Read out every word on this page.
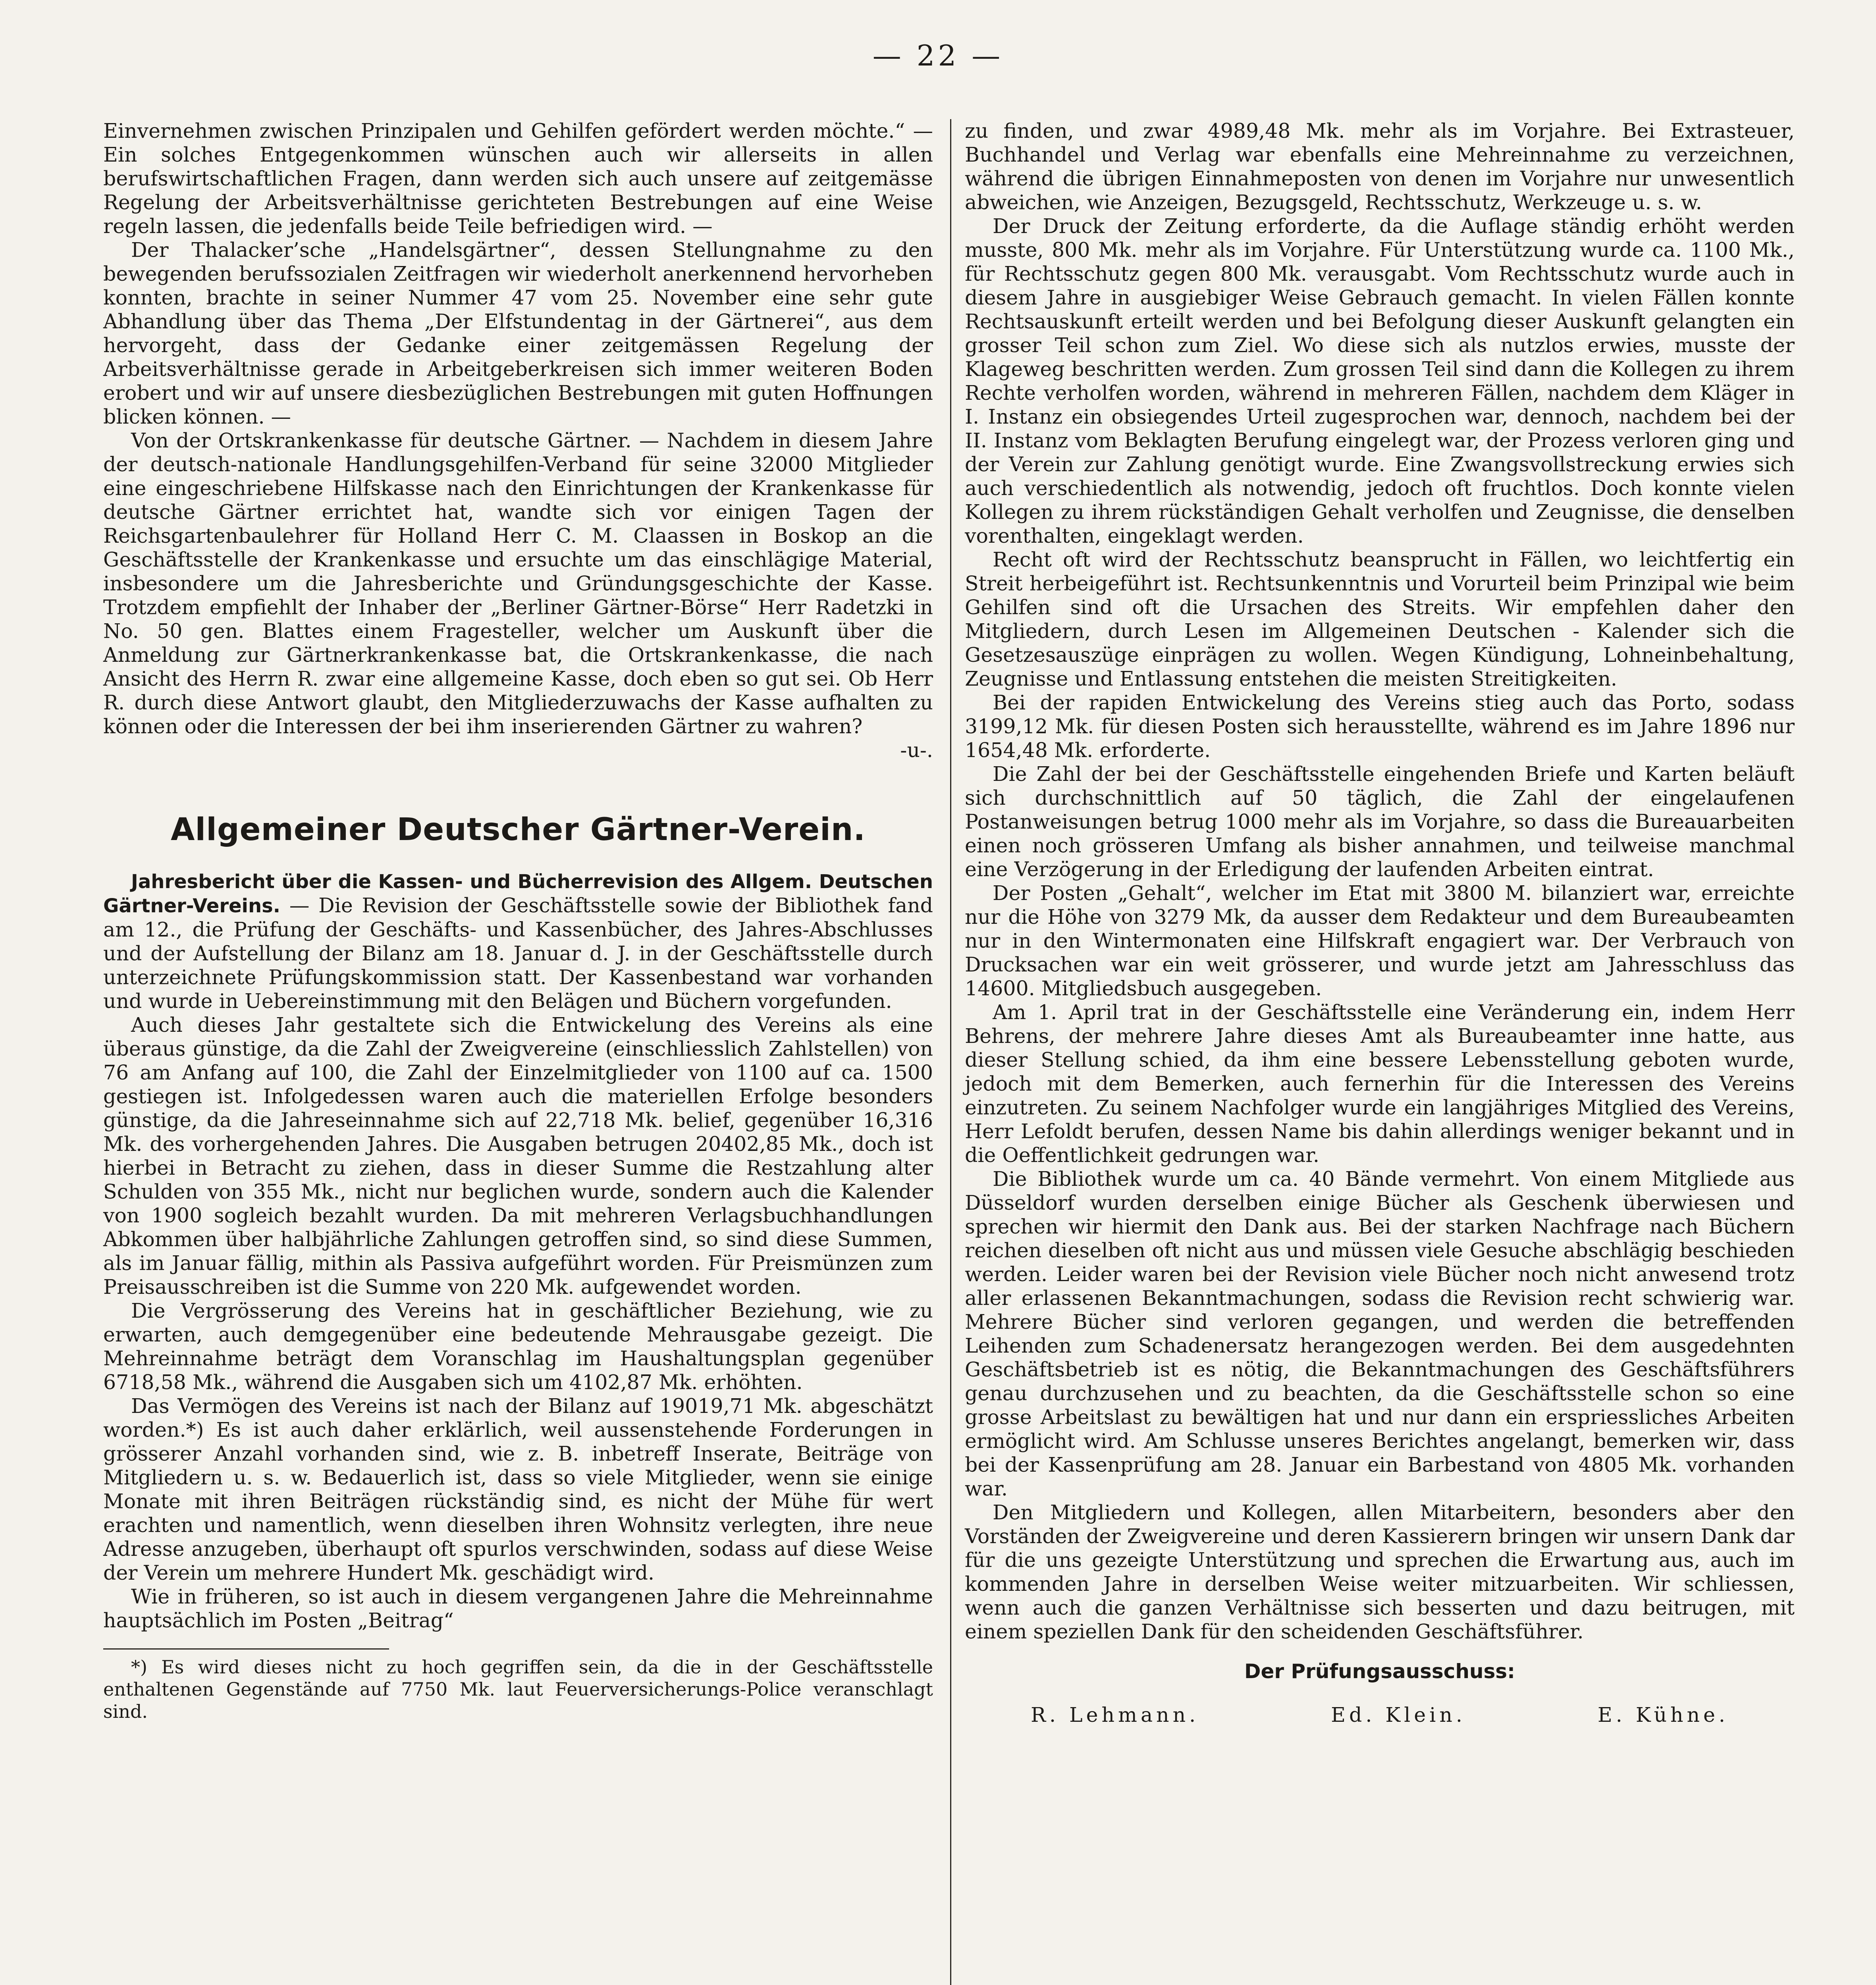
— 22 —

Einvernehmen zwischen Prinzipalen und Gehilfen gefördert werden möchte.“ — Ein solches Entgegenkommen wünschen auch wir allerseits in allen berufswirtschaftlichen Fragen, dann werden sich auch unsere auf zeitgemässe Regelung der Arbeitsverhältnisse gerichteten Bestrebungen auf eine Weise regeln lassen, die jedenfalls beide Teile befriedigen wird. —

Der Thalacker’sche „Handelsgärtner“, dessen Stellungnahme zu den bewegenden berufssozialen Zeitfragen wir wiederholt anerkennend hervorheben konnten, brachte in seiner Nummer 47 vom 25. November eine sehr gute Abhandlung über das Thema „Der Elfstundentag in der Gärtnerei“, aus dem hervorgeht, dass der Gedanke einer zeitgemässen Regelung der Arbeitsverhältnisse gerade in Arbeitgeberkreisen sich immer weiteren Boden erobert und wir auf unsere diesbezüglichen Bestrebungen mit guten Hoffnungen blicken können. —

Von der Ortskrankenkasse für deutsche Gärtner. — Nachdem in diesem Jahre der deutsch-nationale Handlungsgehilfen-Verband für seine 32000 Mitglieder eine eingeschriebene Hilfskasse nach den Einrichtungen der Krankenkasse für deutsche Gärtner errichtet hat, wandte sich vor einigen Tagen der Reichsgartenbaulehrer für Holland Herr C. M. Claassen in Boskop an die Geschäftsstelle der Krankenkasse und ersuchte um das einschlägige Material, insbesondere um die Jahresberichte und Gründungsgeschichte der Kasse. Trotzdem empfiehlt der Inhaber der „Berliner Gärtner-Börse“ Herr Radetzki in No. 50 gen. Blattes einem Fragesteller, welcher um Auskunft über die Anmeldung zur Gärtnerkrankenkasse bat, die Ortskrankenkasse, die nach Ansicht des Herrn R. zwar eine allgemeine Kasse, doch eben so gut sei. Ob Herr R. durch diese Antwort glaubt, den Mitgliederzuwachs der Kasse aufhalten zu können oder die Interessen der bei ihm inserierenden Gärtner zu wahren?

-u-.

Allgemeiner Deutscher Gärtner-Verein.

Jahresbericht über die Kassen- und Bücherrevision des Allgem. Deutschen Gärtner-Vereins. — Die Revision der Geschäftsstelle sowie der Bibliothek fand am 12., die Prüfung der Geschäfts- und Kassenbücher, des Jahres-Abschlusses und der Aufstellung der Bilanz am 18. Januar d. J. in der Geschäftsstelle durch unterzeichnete Prüfungskommission statt. Der Kassenbestand war vorhanden und wurde in Uebereinstimmung mit den Belägen und Büchern vorgefunden.

Auch dieses Jahr gestaltete sich die Entwickelung des Vereins als eine überaus günstige, da die Zahl der Zweigvereine (einschliesslich Zahlstellen) von 76 am Anfang auf 100, die Zahl der Einzelmitglieder von 1100 auf ca. 1500 gestiegen ist. Infolgedessen waren auch die materiellen Erfolge besonders günstige, da die Jahreseinnahme sich auf 22,718 Mk. belief, gegenüber 16,316 Mk. des vorhergehenden Jahres. Die Ausgaben betrugen 20402,85 Mk., doch ist hierbei in Betracht zu ziehen, dass in dieser Summe die Restzahlung alter Schulden von 355 Mk., nicht nur beglichen wurde, sondern auch die Kalender von 1900 sogleich bezahlt wurden. Da mit mehreren Verlagsbuchhandlungen Abkommen über halbjährliche Zahlungen getroffen sind, so sind diese Summen, als im Januar fällig, mithin als Passiva aufgeführt worden. Für Preismünzen zum Preisausschreiben ist die Summe von 220 Mk. aufgewendet worden.

Die Vergrösserung des Vereins hat in geschäftlicher Beziehung, wie zu erwarten, auch demgegenüber eine bedeutende Mehrausgabe gezeigt. Die Mehreinnahme beträgt dem Voranschlag im Haushaltungsplan gegenüber 6718,58 Mk., während die Ausgaben sich um 4102,87 Mk. erhöhten.

Das Vermögen des Vereins ist nach der Bilanz auf 19019,71 Mk. abgeschätzt worden.*) Es ist auch daher erklärlich, weil aussenstehende Forderungen in grösserer Anzahl vorhanden sind, wie z. B. inbetreff Inserate, Beiträge von Mitgliedern u. s. w. Bedauerlich ist, dass so viele Mitglieder, wenn sie einige Monate mit ihren Beiträgen rückständig sind, es nicht der Mühe für wert erachten und namentlich, wenn dieselben ihren Wohnsitz verlegten, ihre neue Adresse anzugeben, überhaupt oft spurlos verschwinden, sodass auf diese Weise der Verein um mehrere Hundert Mk. geschädigt wird.

Wie in früheren, so ist auch in diesem vergangenen Jahre die Mehreinnahme hauptsächlich im Posten „Beitrag“

*) Es wird dieses nicht zu hoch gegriffen sein, da die in der Geschäftsstelle enthaltenen Gegenstände auf 7750 Mk. laut Feuerversicherungs-Police veranschlagt sind.

zu finden, und zwar 4989,48 Mk. mehr als im Vorjahre. Bei Extrasteuer, Buchhandel und Verlag war ebenfalls eine Mehreinnahme zu verzeichnen, während die übrigen Einnahmeposten von denen im Vorjahre nur unwesentlich abweichen, wie Anzeigen, Bezugsgeld, Rechtsschutz, Werkzeuge u. s. w.

Der Druck der Zeitung erforderte, da die Auflage ständig erhöht werden musste, 800 Mk. mehr als im Vorjahre. Für Unterstützung wurde ca. 1100 Mk., für Rechtsschutz gegen 800 Mk. verausgabt. Vom Rechtsschutz wurde auch in diesem Jahre in ausgiebiger Weise Gebrauch gemacht. In vielen Fällen konnte Rechtsauskunft erteilt werden und bei Befolgung dieser Auskunft gelangten ein grosser Teil schon zum Ziel. Wo diese sich als nutzlos erwies, musste der Klageweg beschritten werden. Zum grossen Teil sind dann die Kollegen zu ihrem Rechte verholfen worden, während in mehreren Fällen, nachdem dem Kläger in I. Instanz ein obsiegendes Urteil zugesprochen war, dennoch, nachdem bei der II. Instanz vom Beklagten Berufung eingelegt war, der Prozess verloren ging und der Verein zur Zahlung genötigt wurde. Eine Zwangsvollstreckung erwies sich auch verschiedentlich als notwendig, jedoch oft fruchtlos. Doch konnte vielen Kollegen zu ihrem rückständigen Gehalt verholfen und Zeugnisse, die denselben vorenthalten, eingeklagt werden.

Recht oft wird der Rechtsschutz beansprucht in Fällen, wo leichtfertig ein Streit herbeigeführt ist. Rechtsunkenntnis und Vorurteil beim Prinzipal wie beim Gehilfen sind oft die Ursachen des Streits. Wir empfehlen daher den Mitgliedern, durch Lesen im Allgemeinen Deutschen - Kalender sich die Gesetzesauszüge einprägen zu wollen. Wegen Kündigung, Lohneinbehaltung, Zeugnisse und Entlassung entstehen die meisten Streitigkeiten.

Bei der rapiden Entwickelung des Vereins stieg auch das Porto, sodass 3199,12 Mk. für diesen Posten sich herausstellte, während es im Jahre 1896 nur 1654,48 Mk. erforderte.

Die Zahl der bei der Geschäftsstelle eingehenden Briefe und Karten beläuft sich durchschnittlich auf 50 täglich, die Zahl der eingelaufenen Postanweisungen betrug 1000 mehr als im Vorjahre, so dass die Bureauarbeiten einen noch grösseren Umfang als bisher annahmen, und teilweise manchmal eine Verzögerung in der Erledigung der laufenden Arbeiten eintrat.

Der Posten „Gehalt“, welcher im Etat mit 3800 M. bilanziert war, erreichte nur die Höhe von 3279 Mk, da ausser dem Redakteur und dem Bureaubeamten nur in den Wintermonaten eine Hilfskraft engagiert war. Der Verbrauch von Drucksachen war ein weit grösserer, und wurde jetzt am Jahresschluss das 14600. Mitgliedsbuch ausgegeben.

Am 1. April trat in der Geschäftsstelle eine Veränderung ein, indem Herr Behrens, der mehrere Jahre dieses Amt als Bureaubeamter inne hatte, aus dieser Stellung schied, da ihm eine bessere Lebensstellung geboten wurde, jedoch mit dem Bemerken, auch fernerhin für die Interessen des Vereins einzutreten. Zu seinem Nachfolger wurde ein langjähriges Mitglied des Vereins, Herr Lefoldt berufen, dessen Name bis dahin allerdings weniger bekannt und in die Oeffentlichkeit gedrungen war.

Die Bibliothek wurde um ca. 40 Bände vermehrt. Von einem Mitgliede aus Düsseldorf wurden derselben einige Bücher als Geschenk überwiesen und sprechen wir hiermit den Dank aus. Bei der starken Nachfrage nach Büchern reichen dieselben oft nicht aus und müssen viele Gesuche abschlägig beschieden werden. Leider waren bei der Revision viele Bücher noch nicht anwesend trotz aller erlassenen Bekanntmachungen, sodass die Revision recht schwierig war. Mehrere Bücher sind verloren gegangen, und werden die betreffenden Leihenden zum Schadenersatz herangezogen werden. Bei dem ausgedehnten Geschäftsbetrieb ist es nötig, die Bekanntmachungen des Geschäftsführers genau durchzusehen und zu beachten, da die Geschäftsstelle schon so eine grosse Arbeitslast zu bewältigen hat und nur dann ein erspriessliches Arbeiten ermöglicht wird. Am Schlusse unseres Berichtes angelangt, bemerken wir, dass bei der Kassenprüfung am 28. Januar ein Barbestand von 4805 Mk. vorhanden war.

Den Mitgliedern und Kollegen, allen Mitarbeitern, besonders aber den Vorständen der Zweigvereine und deren Kassierern bringen wir unsern Dank dar für die uns gezeigte Unterstützung und sprechen die Erwartung aus, auch im kommenden Jahre in derselben Weise weiter mitzuarbeiten. Wir schliessen, wenn auch die ganzen Verhältnisse sich besserten und dazu beitrugen, mit einem speziellen Dank für den scheidenden Geschäftsführer.

Der Prüfungsausschuss:
R. Lehmann.	Ed. Klein.	E. Kühne.
